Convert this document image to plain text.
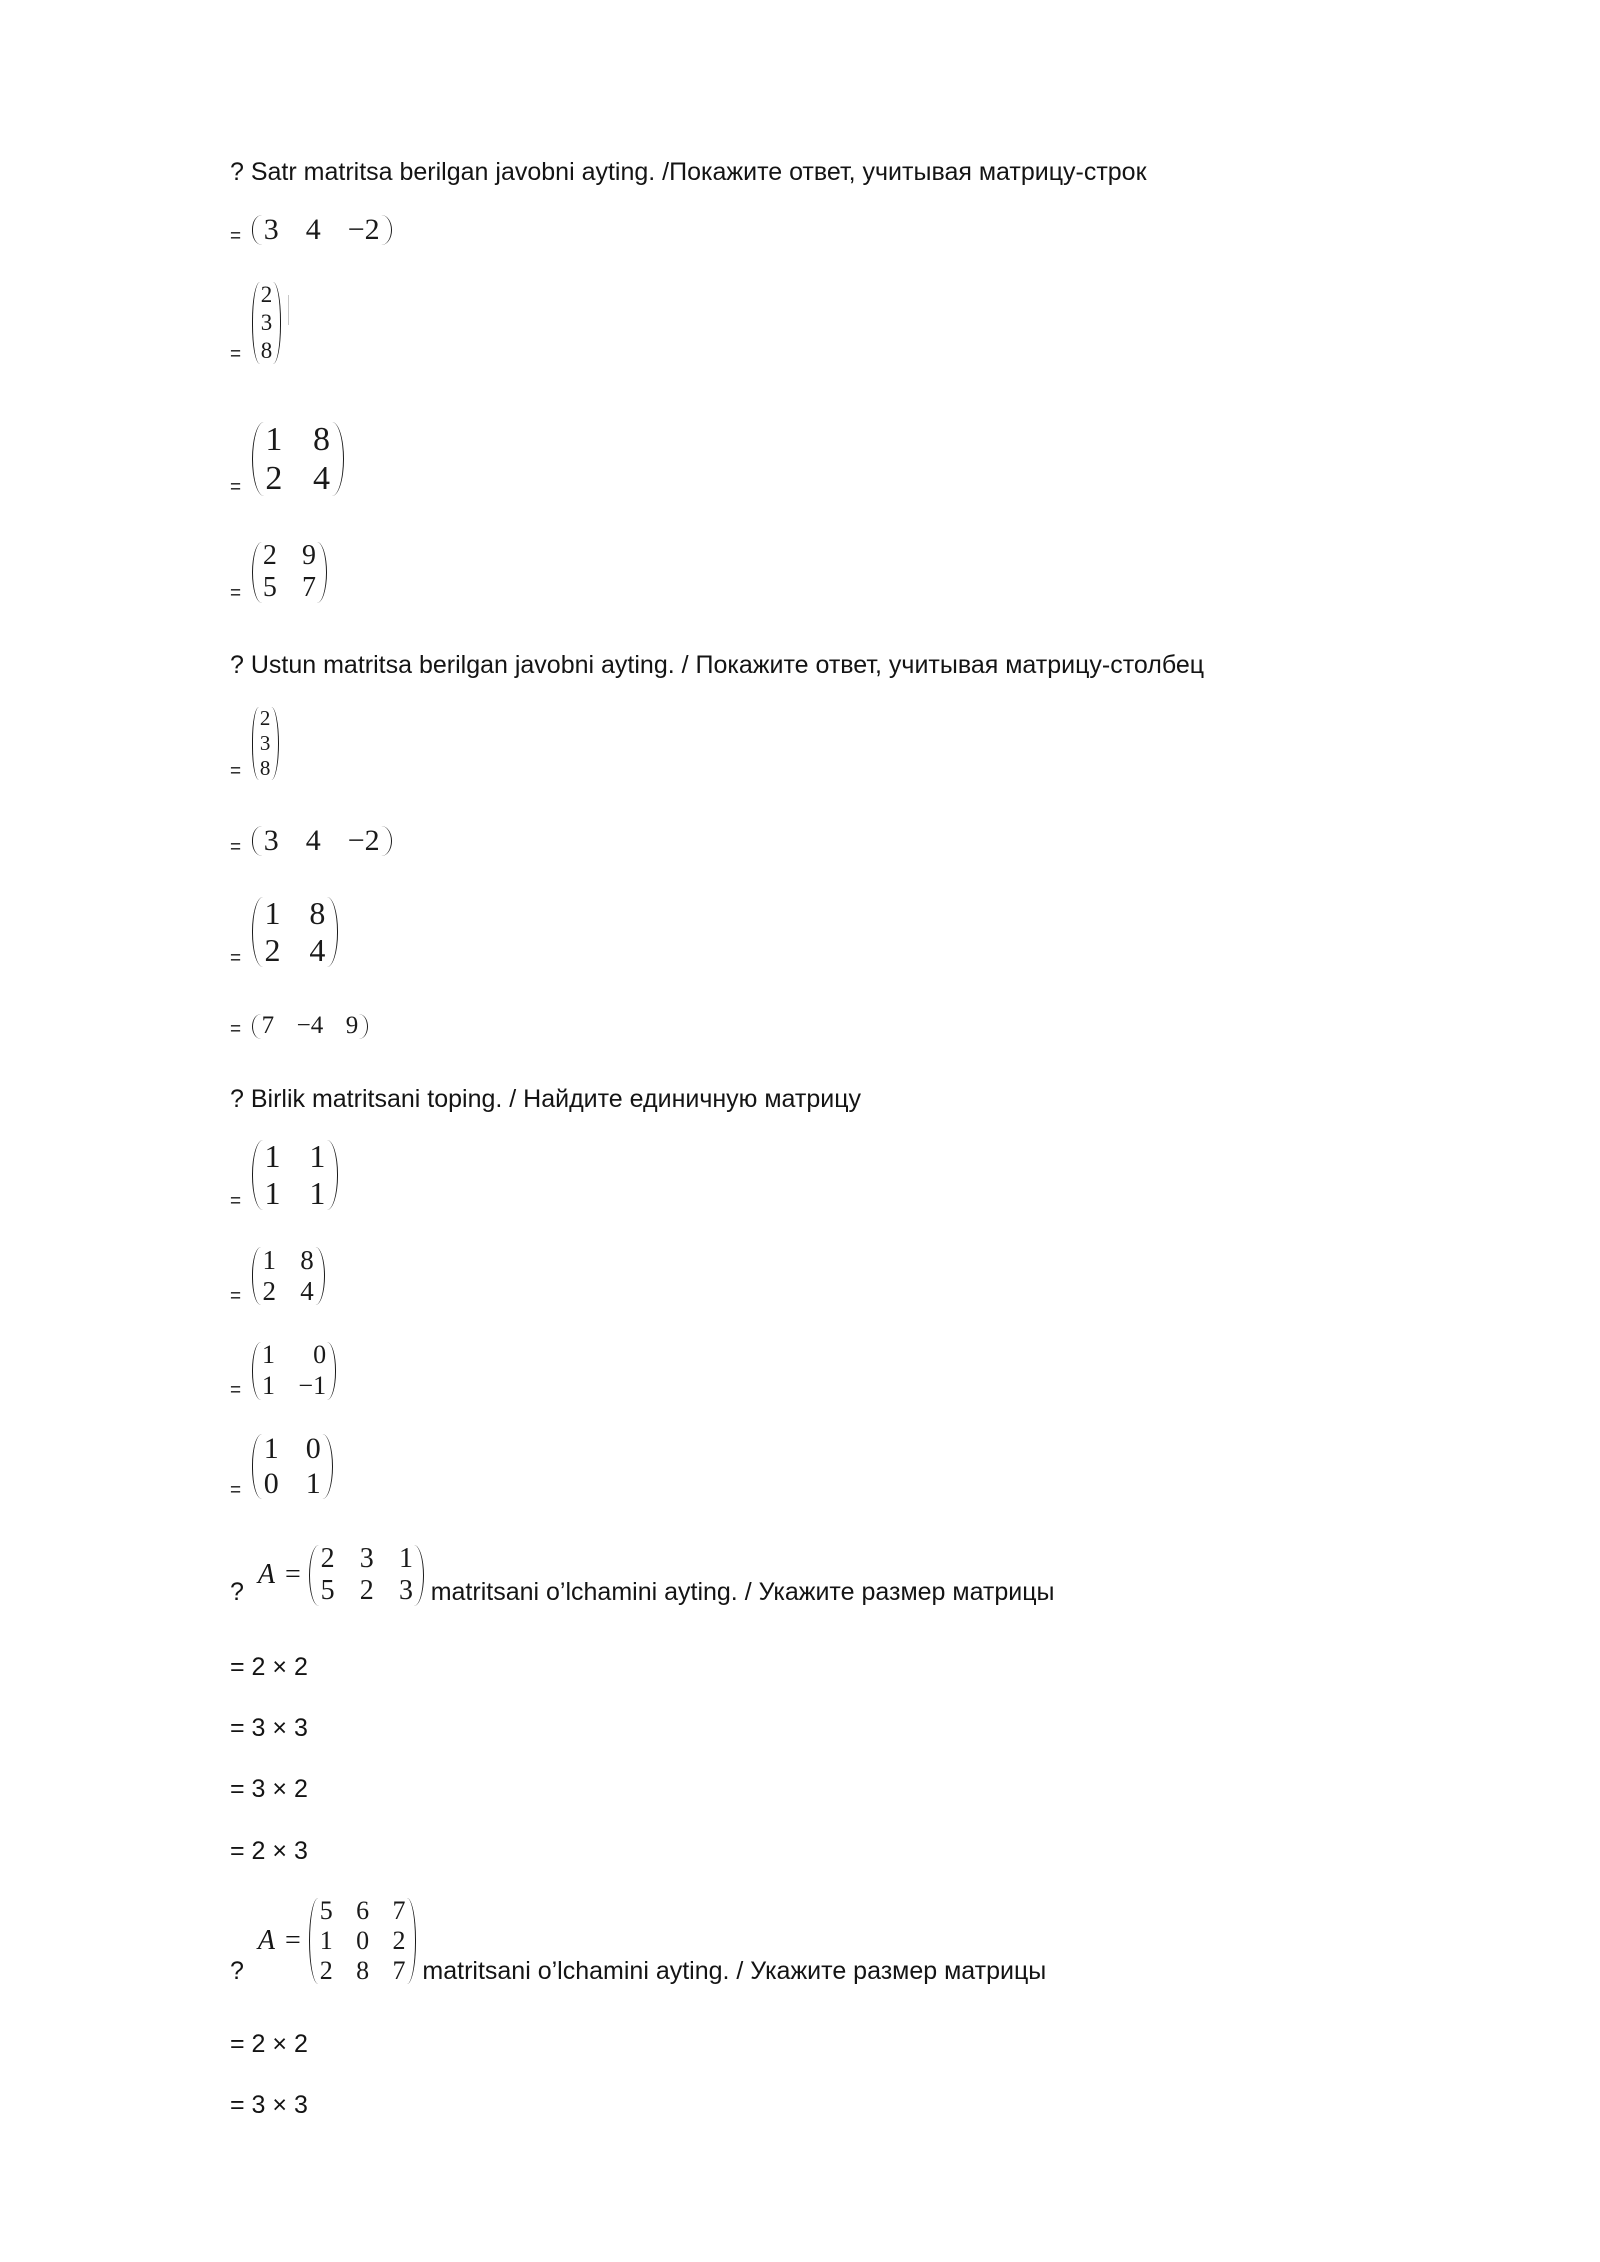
? Satr matritsa berilgan javobni ayting. /Покажите ответ, учитывая матрицу-строк
= 3 4 −2
=
2
3
8
=
1 8
2 4
=
2 9
5 7
? Ustun matritsa berilgan javobni ayting. / Покажите ответ, учитывая матрицу-столбец
=
2
3
8
= 3 4 −2
=
1 8
2 4
= 7 −4 9
? Birlik matritsani toping. / Найдите единичную матрицу
=
1 1
1 1
=
1 8
2 4
=
1	0
1 −1
=
1 0
0 1
?
A =
2 3 1
5 2 3 matritsani o’lchamini ayting. / Укажите размер матрицы
= 2 × 2
= 3 × 3
= 3 × 2
= 2 × 3
?
A =
5 6 7
1 0 2
2 8 7 matritsani o’lchamini ayting. / Укажите размер матрицы
= 2 × 2
= 3 × 3
